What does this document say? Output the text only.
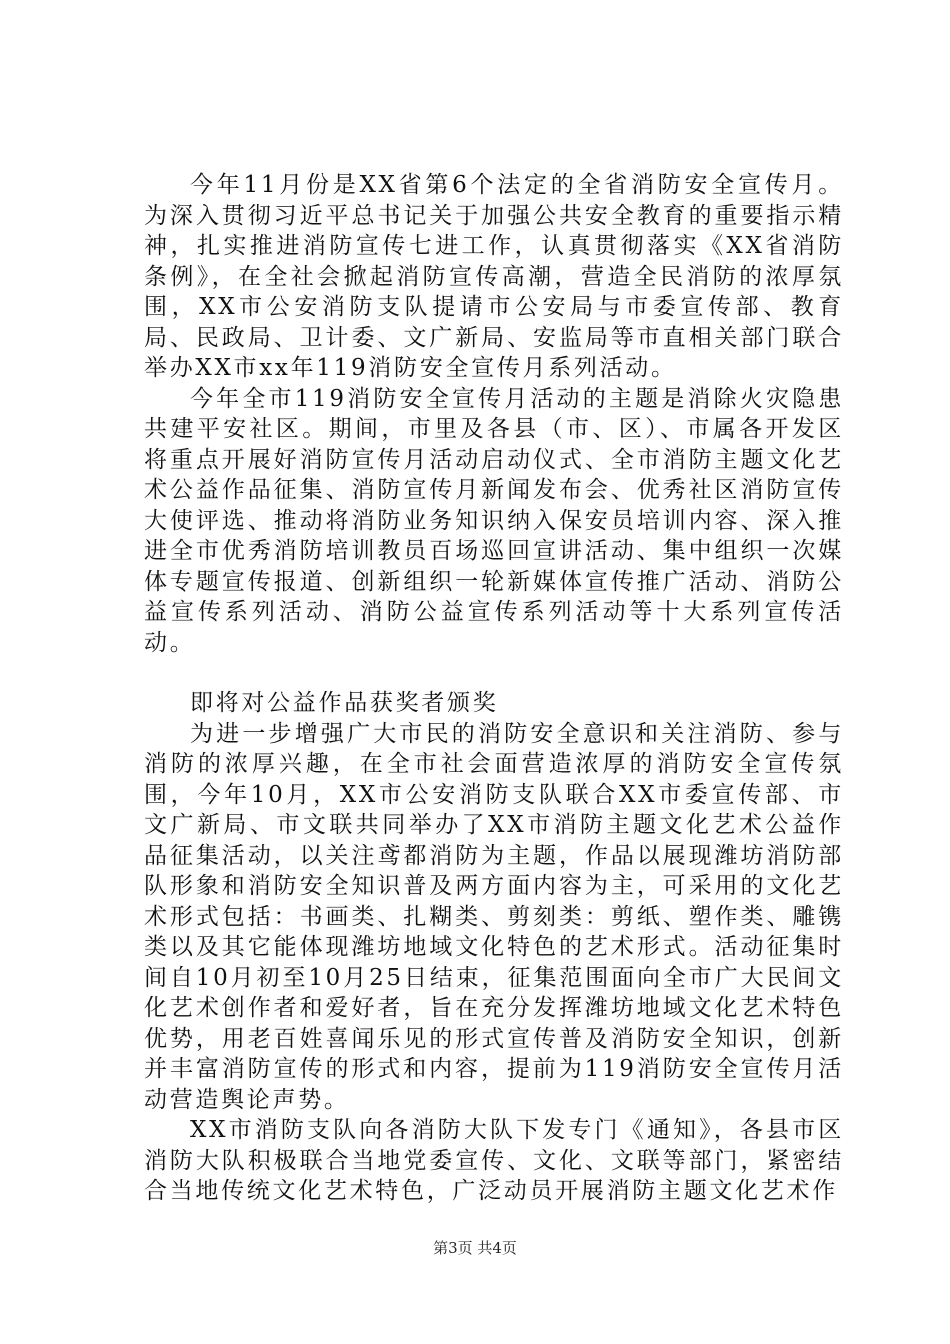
今年11月份是XX省第6个法定的全省消防安全宣传月。为深入贯彻习近平总书记关于加强公共安全教育的重要指示精神，扎实推进消防宣传七进工作，认真贯彻落实《XX省消防条例》，在全社会掀起消防宣传高潮，营造全民消防的浓厚氛围，XX市公安消防支队提请市公安局与市委宣传部、教育局、民政局、卫计委、文广新局、安监局等市直相关部门联合举办XX市xx年119消防安全宣传月系列活动。

今年全市119消防安全宣传月活动的主题是消除火灾隐患共建平安社区。期间，市里及各县（市、区）、市属各开发区将重点开展好消防宣传月活动启动仪式、全市消防主题文化艺术公益作品征集、消防宣传月新闻发布会、优秀社区消防宣传大使评选、推动将消防业务知识纳入保安员培训内容、深入推进全市优秀消防培训教员百场巡回宣讲活动、集中组织一次媒体专题宣传报道、创新组织一轮新媒体宣传推广活动、消防公益宣传系列活动、消防公益宣传系列活动等十大系列宣传活动。

即将对公益作品获奖者颁奖

为进一步增强广大市民的消防安全意识和关注消防、参与消防的浓厚兴趣，在全市社会面营造浓厚的消防安全宣传氛围，今年10月，XX市公安消防支队联合XX市委宣传部、市文广新局、市文联共同举办了XX市消防主题文化艺术公益作品征集活动，以关注鸢都消防为主题，作品以展现潍坊消防部队形象和消防安全知识普及两方面内容为主，可采用的文化艺术形式包括：书画类、扎糊类、剪刻类：剪纸、塑作类、雕镌类以及其它能体现潍坊地域文化特色的艺术形式。活动征集时间自10月初至10月25日结束，征集范围面向全市广大民间文化艺术创作者和爱好者，旨在充分发挥潍坊地域文化艺术特色优势，用老百姓喜闻乐见的形式宣传普及消防安全知识，创新并丰富消防宣传的形式和内容，提前为119消防安全宣传月活动营造舆论声势。

XX市消防支队向各消防大队下发专门《通知》，各县市区消防大队积极联合当地党委宣传、文化、文联等部门，紧密结合当地传统文化艺术特色，广泛动员开展消防主题文化艺术作

第3页 共4页
